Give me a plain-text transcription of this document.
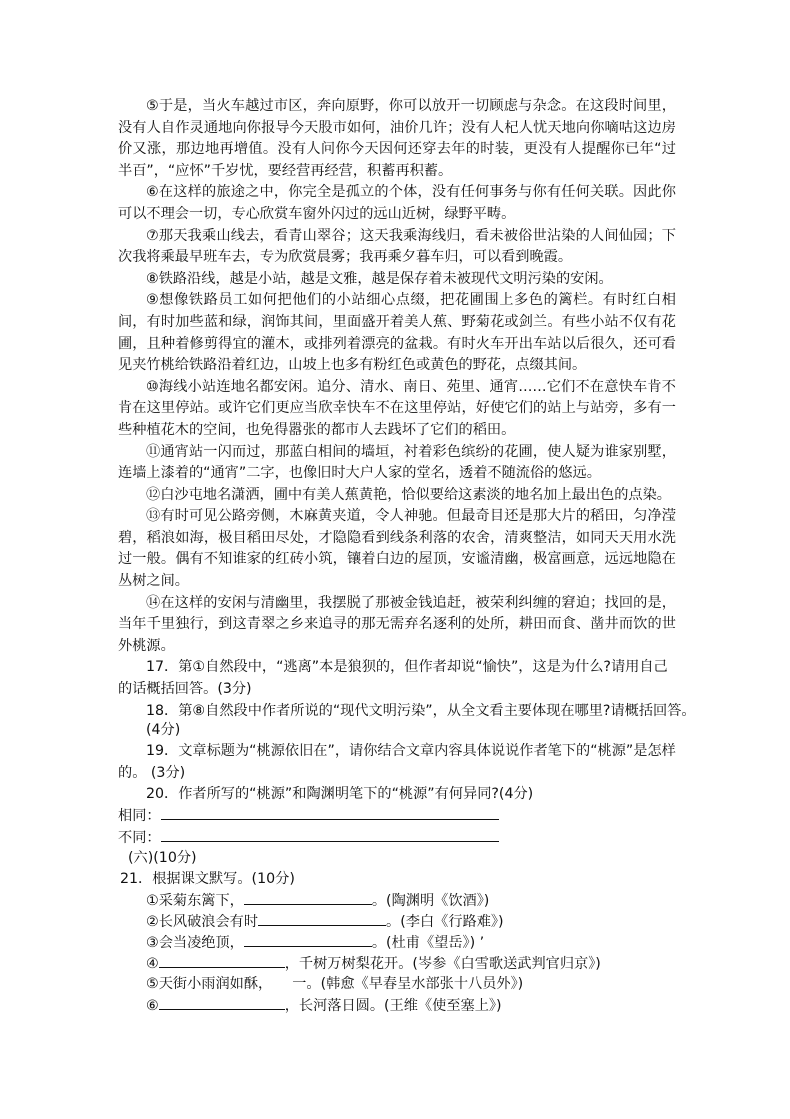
⑤于是，当火车越过市区，奔向原野，你可以放开一切顾虑与杂念。在这段时间里，没有人自作灵通地向你报导今天股市如何，油价几许；没有人杞人忧天地向你嘀咕这边房价又涨，那边地再增值。没有人问你今天因何还穿去年的时装，更没有人提醒你已年“过半百”，“应怀”千岁忧，要经营再经营，积蓄再积蓄。

⑥在这样的旅途之中，你完全是孤立的个体，没有任何事务与你有任何关联。因此你可以不理会一切，专心欣赏车窗外闪过的远山近树，绿野平畴。

⑦那天我乘山线去，看青山翠谷；这天我乘海线归，看未被俗世沾染的人间仙园；下次我将乘最早班车去，专为欣赏晨雾；我再乘夕暮车归，可以看到晚霞。

⑧铁路沿线，越是小站，越是文雅，越是保存着未被现代文明污染的安闲。

⑨想像铁路员工如何把他们的小站细心点缀，把花圃围上多色的篱栏。有时红白相间，有时加些蓝和绿，润饰其间，里面盛开着美人蕉、野菊花或剑兰。有些小站不仅有花圃，且种着修剪得宜的灌木，或排列着漂亮的盆栽。有时火车开出车站以后很久，还可看见夹竹桃给铁路沿着红边，山坡上也多有粉红色或黄色的野花，点缀其间。

⑩海线小站连地名都安闲。追分、清水、南日、苑里、通宵……它们不在意快车肯不肯在这里停站。或许它们更应当欣幸快车不在这里停站，好使它们的站上与站旁，多有一些种植花木的空间，也免得嚣张的都市人去践坏了它们的稻田。

⑪通宵站一闪而过，那蓝白相间的墙垣，衬着彩色缤纷的花圃，使人疑为谁家别墅，连墙上漆着的“通宵”二字，也像旧时大户人家的堂名，透着不随流俗的悠远。

⑫白沙屯地名潇洒，圃中有美人蕉黄艳，恰似要给这素淡的地名加上最出色的点染。

⑬有时可见公路旁侧，木麻黄夹道，令人神驰。但最奇目还是那大片的稻田，匀净滢碧，稻浪如海，极目稻田尽处，才隐隐看到线条利落的农舍，清爽整洁，如同天天用水洗过一般。偶有不知谁家的红砖小筑，镶着白边的屋顶，安谧清幽，极富画意，远远地隐在丛树之间。

⑭在这样的安闲与清幽里，我摆脱了那被金钱追赶，被荣利纠缠的窘迫；找回的是，当年千里独行，到这青翠之乡来追寻的那无需弃名逐利的处所，耕田而食、凿井而饮的世外桃源。

17．第①自然段中，“逃离”本是狼狈的，但作者却说“愉快”，这是为什么?请用自己的话概括回答。(3分)

18．第⑧自然段中作者所说的“现代文明污染”，从全文看主要体现在哪里?请概括回答。

(4分)

19．文章标题为“桃源依旧在”，请你结合文章内容具体说说作者笔下的“桃源”是怎样的。 (3分)

20．作者所写的“桃源”和陶渊明笔下的“桃源”有何异同?(4分)

相同：
不同：
(六)(10分)
21．根据课文默写。(10分)
①采菊东篱下，	。(陶渊明《饮酒》)
②长风破浪会有时	。(李白《行路难》)
③会当凌绝顶，	。(杜甫《望岳》) ’
④	，千树万树梨花开。(岑参《白雪歌送武判官归京》)
⑤天街小雨润如酥， 一。(韩愈《早春呈水部张十八员外》)
⑥	，长河落日圆。(王维《使至塞上》)
